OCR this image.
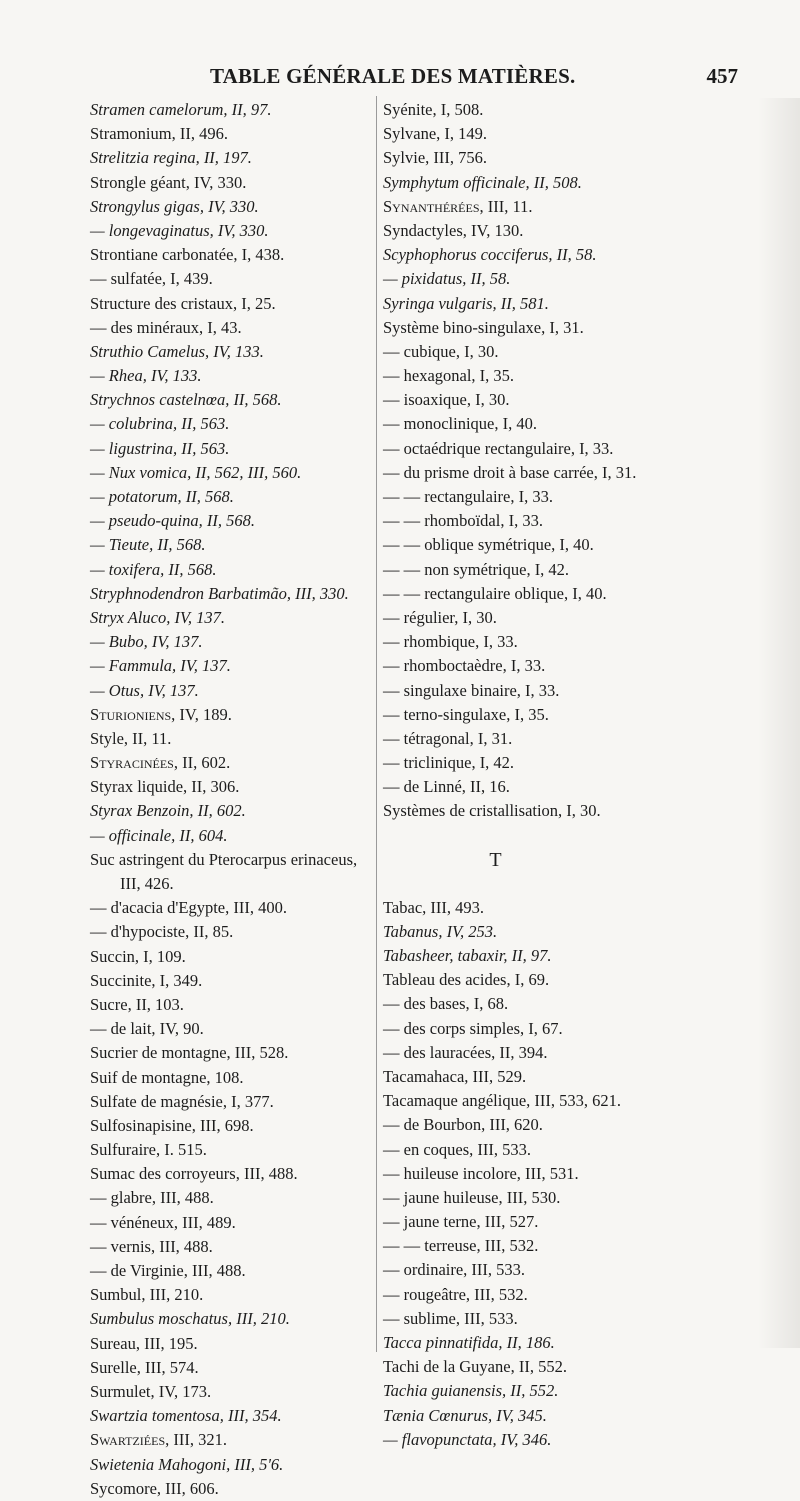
TABLE GÉNÉRALE DES MATIÈRES.	457
Stramen camelorum, II, 97.
Stramonium, II, 496.
Strelitzia regina, II, 197.
Strongle géant, IV, 330.
Strongylus gigas, IV, 330.
— longevaginatus, IV, 330.
Strontiane carbonatée, I, 438.
— sulfatée, I, 439.
Structure des cristaux, I, 25.
— des minéraux, I, 43.
Struthio Camelus, IV, 133.
— Rhea, IV, 133.
Strychnos castelnœa, II, 568.
— colubrina, II, 563.
— ligustrina, II, 563.
— Nux vomica, II, 562, III, 560.
— potatorum, II, 568.
— pseudo-quina, II, 568.
— Tieute, II, 568.
— toxifera, II, 568.
Stryphnodendron Barbatimão, III, 330.
Stryx Aluco, IV, 137.
— Bubo, IV, 137.
— Fammula, IV, 137.
— Otus, IV, 137.
Sturioniens, IV, 189.
Style, II, 11.
Styracinées, II, 602.
Styrax liquide, II, 306.
Styrax Benzoin, II, 602.
— officinale, II, 604.
Suc astringent du Pterocarpus erinaceus,
III, 426.
— d'acacia d'Egypte, III, 400.
— d'hypociste, II, 85.
Succin, I, 109.
Succinite, I, 349.
Sucre, II, 103.
— de lait, IV, 90.
Sucrier de montagne, III, 528.
Suif de montagne, 108.
Sulfate de magnésie, I, 377.
Sulfosinapisine, III, 698.
Sulfuraire, I. 515.
Sumac des corroyeurs, III, 488.
— glabre, III, 488.
— vénéneux, III, 489.
— vernis, III, 488.
— de Virginie, III, 488.
Sumbul, III, 210.
Sumbulus moschatus, III, 210.
Sureau, III, 195.
Surelle, III, 574.
Surmulet, IV, 173.
Swartzia tomentosa, III, 354.
Swartziées, III, 321.
Swietenia Mahogoni, III, 5'6.
Sycomore, III, 606.
Syénite, I, 508.
Sylvane, I, 149.
Sylvie, III, 756.
Symphytum officinale, II, 508.
Synanthérées, III, 11.
Syndactyles, IV, 130.
Scyphophorus cocciferus, II, 58.
— pixidatus, II, 58.
Syringa vulgaris, II, 581.
Système bino-singulaxe, I, 31.
— cubique, I, 30.
— hexagonal, I, 35.
— isoaxique, I, 30.
— monoclinique, I, 40.
— octaédrique rectangulaire, I, 33.
— du prisme droit à base carrée, I, 31.
— — rectangulaire, I, 33.
— — rhomboïdal, I, 33.
— — oblique symétrique, I, 40.
— — non symétrique, I, 42.
— — rectangulaire oblique, I, 40.
— régulier, I, 30.
— rhombique, I, 33.
— rhomboctaèdre, I, 33.
— singulaxe binaire, I, 33.
— terno-singulaxe, I, 35.
— tétragonal, I, 31.
— triclinique, I, 42.
— de Linné, II, 16.
Systèmes de cristallisation, I, 30.
T
Tabac, III, 493.
Tabanus, IV, 253.
Tabasheer, tabaxir, II, 97.
Tableau des acides, I, 69.
— des bases, I, 68.
— des corps simples, I, 67.
— des lauracées, II, 394.
Tacamahaca, III, 529.
Tacamaque angélique, III, 533, 621.
— de Bourbon, III, 620.
— en coques, III, 533.
— huileuse incolore, III, 531.
— jaune huileuse, III, 530.
— jaune terne, III, 527.
— — terreuse, III, 532.
— ordinaire, III, 533.
— rougeâtre, III, 532.
— sublime, III, 533.
Tacca pinnatifida, II, 186.
Tachi de la Guyane, II, 552.
Tachia guianensis, II, 552.
Tænia Cœnurus, IV, 345.
— flavopunctata, IV, 346.
